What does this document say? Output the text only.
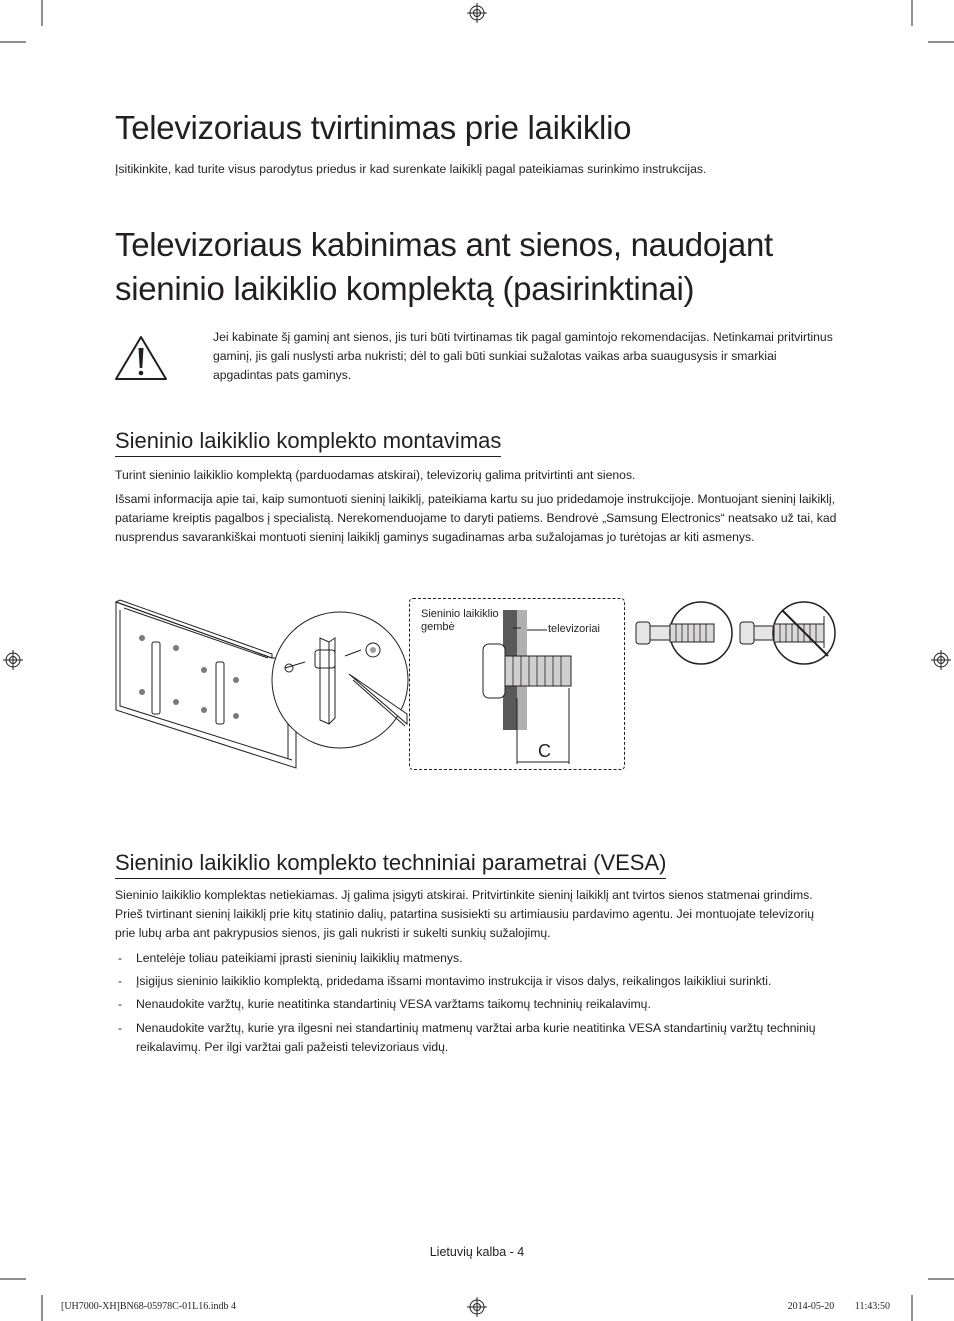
Televizoriaus tvirtinimas prie laikiklio

Įsitikinkite, kad turite visus parodytus priedus ir kad surenkate laikiklį pagal pateikiamas surinkimo instrukcijas.

Televizoriaus kabinimas ant sienos, naudojant
sieninio laikiklio komplektą (pasirinktinai)

Jei kabinate šį gaminį ant sienos, jis turi būti tvirtinamas tik pagal gamintojo rekomendacijas. Netinkamai pritvirtinus gaminį, jis gali nuslysti arba nukristi; dėl to gali būti sunkiai sužalotas vaikas arba suaugusysis ir smarkiai apgadintas pats gaminys.

Sieninio laikiklio komplekto montavimas

Turint sieninio laikiklio komplektą (parduodamas atskirai), televizorių galima pritvirtinti ant sienos.

Išsami informacija apie tai, kaip sumontuoti sieninį laikiklį, pateikiama kartu su juo pridedamoje instrukcijoje. Montuojant sieninį laikiklį, patariame kreiptis pagalbos į specialistą. Nerekomenduojame to daryti patiems. Bendrovė „Samsung Electronics“ neatsako už tai, kad nusprendus savarankiškai montuoti sieninį laikiklį gaminys sugadinamas arba sužalojamas jo turėtojas ar kiti asmenys.

Sieninio laikiklio
gembė	televizoriai
C
Sieninio laikiklio komplekto techniniai parametrai (VESA)

Sieninio laikiklio komplektas netiekiamas. Jį galima įsigyti atskirai. Pritvirtinkite sieninį laikiklį ant tvirtos sienos statmenai grindims. Prieš tvirtinant sieninį laikiklį prie kitų statinio dalių, patartina susisiekti su artimiausiu pardavimo agentu. Jei montuojate televizorių prie lubų arba ant pakrypusios sienos, jis gali nukristi ir sukelti sunkių sužalojimų.

- Lentelėje toliau pateikiami įprasti sieninių laikiklių matmenys.
- Įsigijus sieninio laikiklio komplektą, pridedama išsami montavimo instrukcija ir visos dalys, reikalingos laikikliui surinkti.
- Nenaudokite varžtų, kurie neatitinka standartinių VESA varžtams taikomų techninių reikalavimų.
- Nenaudokite varžtų, kurie yra ilgesni nei standartinių matmenų varžtai arba kurie neatitinka VESA standartinių varžtų techninių reikalavimų. Per ilgi varžtai gali pažeisti televizoriaus vidų.
Lietuvių kalba - 4
[UH7000-XH]BN68-05978C-01L16.indb 4	2014-05-20 ￿￿ 11:43:50
